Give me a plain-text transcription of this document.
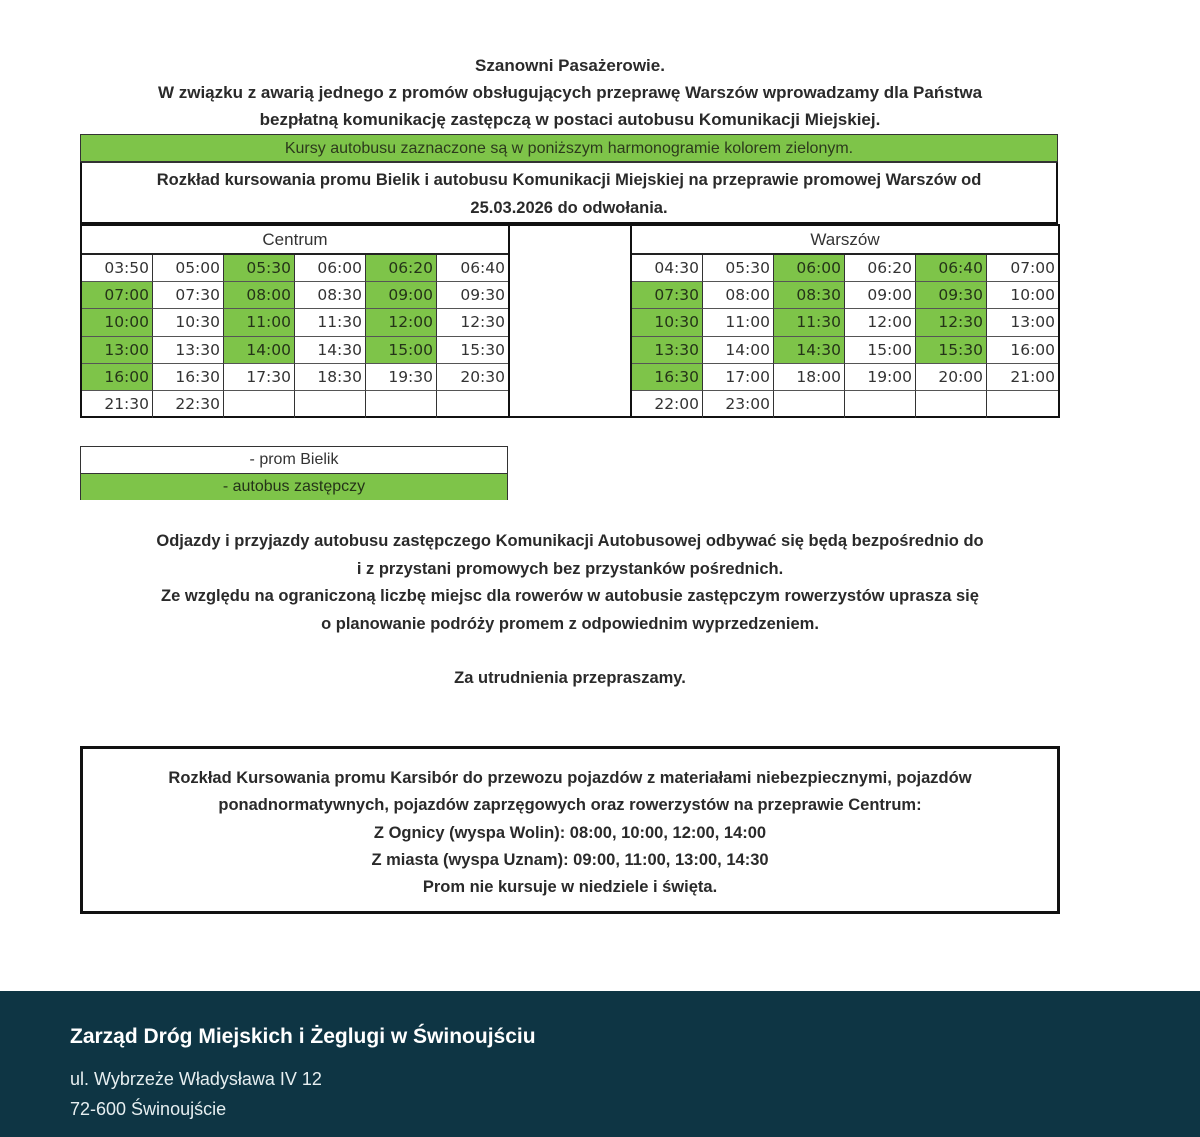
Szanowni Pasażerowie.
W związku z awarią jednego z promów obsługujących przeprawę Warszów wprowadzamy dla Państwa
bezpłatną komunikację zastępczą w postaci autobusu Komunikacji Miejskiej.
Kursy autobusu zaznaczone są w poniższym harmonogramie kolorem zielonym.
Rozkład kursowania promu Bielik i autobusu Komunikacji Miejskiej na przeprawie promowej Warszów od
25.03.2026 do odwołania.
Centrum
03:50	05:00	05:30	06:00	06:20	06:40
07:00	07:30	08:00	08:30	09:00	09:30
10:00	10:30	11:00	11:30	12:00	12:30
13:00	13:30	14:00	14:30	15:00	15:30
16:00	16:30	17:30	18:30	19:30	20:30
21:30	22:30
Warszów
04:30	05:30	06:00	06:20	06:40	07:00
07:30	08:00	08:30	09:00	09:30	10:00
10:30	11:00	11:30	12:00	12:30	13:00
13:30	14:00	14:30	15:00	15:30	16:00
16:30	17:00	18:00	19:00	20:00	21:00
22:00	23:00
- prom Bielik
- autobus zastępczy
Odjazdy i przyjazdy autobusu zastępczego Komunikacji Autobusowej odbywać się będą bezpośrednio do
i z przystani promowych bez przystanków pośrednich.
Ze względu na ograniczoną liczbę miejsc dla rowerów w autobusie zastępczym rowerzystów uprasza się
o planowanie podróży promem z odpowiednim wyprzedzeniem.
Za utrudnienia przepraszamy.
Rozkład Kursowania promu Karsibór do przewozu pojazdów z materiałami niebezpiecznymi, pojazdów
ponadnormatywnych, pojazdów zaprzęgowych oraz rowerzystów na przeprawie Centrum:
Z Ognicy (wyspa Wolin): 08:00, 10:00, 12:00, 14:00
Z miasta (wyspa Uznam): 09:00, 11:00, 13:00, 14:30
Prom nie kursuje w niedziele i święta.
Zarząd Dróg Miejskich i Żeglugi w Świnoujściu
ul. Wybrzeże Władysława IV 12
72-600 Świnoujście
